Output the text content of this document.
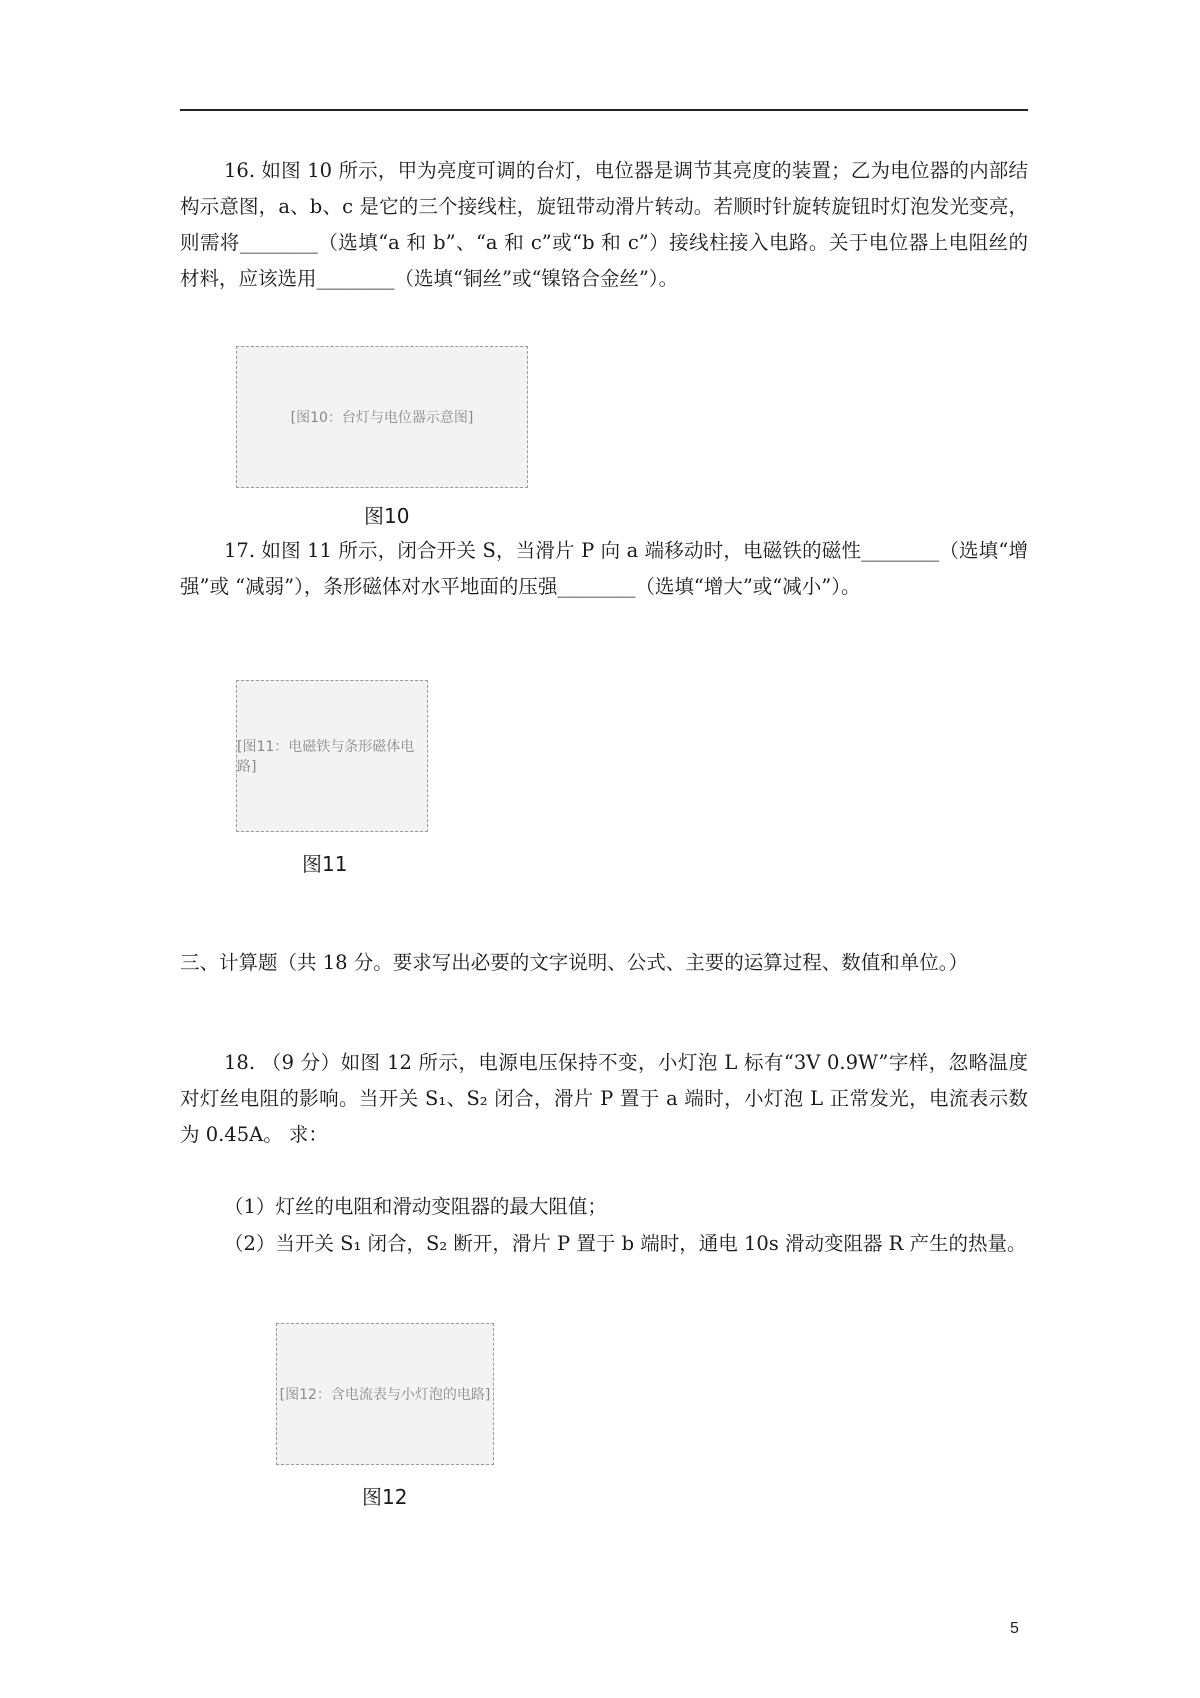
16. 如图 10 所示，甲为亮度可调的台灯，电位器是调节其亮度的装置；乙为电位器的内部结构示意图，a、b、c 是它的三个接线柱，旋钮带动滑片转动。若顺时针旋转旋钮时灯泡发光变亮，则需将________（选填“a 和 b”、“a 和 c”或“b 和 c”）接线柱接入电路。关于电位器上电阻丝的材料，应该选用________（选填“铜丝”或“镍铬合金丝”）。

[图10：台灯与电位器示意图]
图10

17. 如图 11 所示，闭合开关 S，当滑片 P 向 a 端移动时，电磁铁的磁性________（选填“增强”或 “减弱”），条形磁体对水平地面的压强________（选填“增大”或“减小”）。

[图11：电磁铁与条形磁体电路]
图11

三、计算题（共 18 分。要求写出必要的文字说明、公式、主要的运算过程、数值和单位。）

18. （9 分）如图 12 所示，电源电压保持不变，小灯泡 L 标有“3V 0.9W”字样，忽略温度对灯丝电阻的影响。当开关 S₁、S₂ 闭合，滑片 P 置于 a 端时，小灯泡 L 正常发光，电流表示数为 0.45A。 求：

（1）灯丝的电阻和滑动变阻器的最大阻值；

（2）当开关 S₁ 闭合，S₂ 断开，滑片 P 置于 b 端时，通电 10s 滑动变阻器 R 产生的热量。

[图12：含电流表与小灯泡的电路]
图12
5
